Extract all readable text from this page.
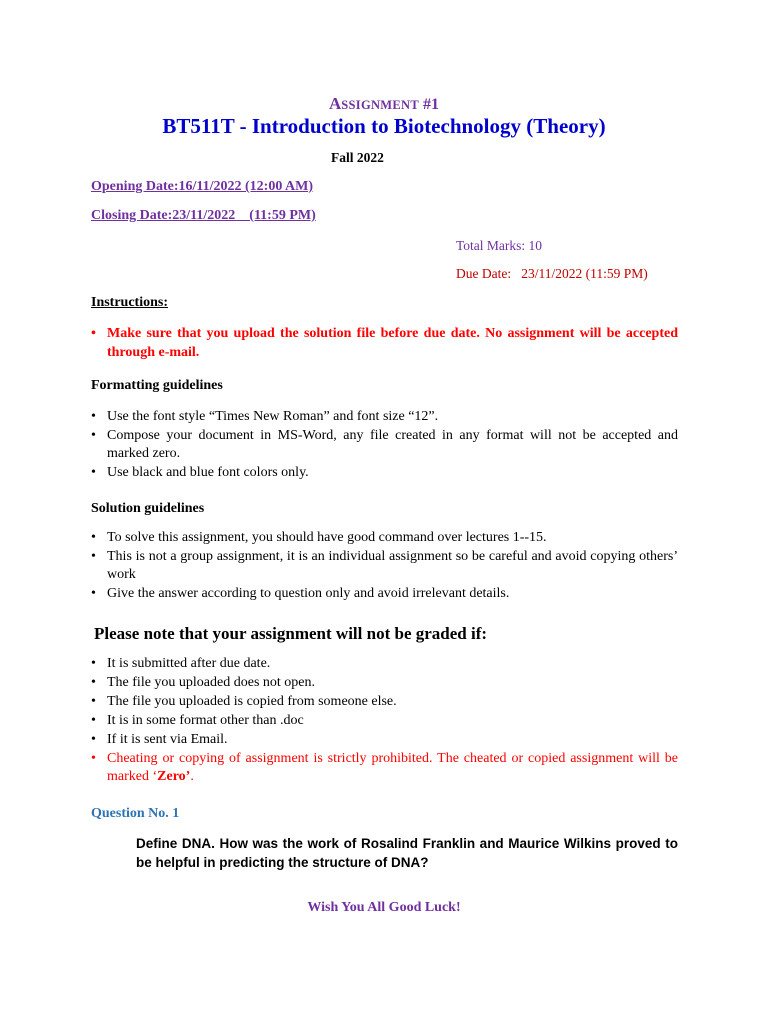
ASSIGNMENT #1
BT511T - Introduction to Biotechnology (Theory)
Fall 2022
Opening Date:16/11/2022 (12:00 AM)
Closing Date:23/11/2022    (11:59 PM)
Total Marks: 10
Due Date:   23/11/2022 (11:59 PM)
Instructions:
• Make sure that you upload the solution file before due date. No assignment will be accepted through e-mail.
Formatting guidelines
• Use the font style “Times New Roman” and font size “12”.
• Compose your document in MS-Word, any file created in any format will not be accepted and marked zero.
• Use black and blue font colors only.
Solution guidelines
• To solve this assignment, you should have good command over lectures 1--15.
• This is not a group assignment, it is an individual assignment so be careful and avoid copying others’ work
• Give the answer according to question only and avoid irrelevant details.
Please note that your assignment will not be graded if:
• It is submitted after due date.
• The file you uploaded does not open.
• The file you uploaded is copied from someone else.
• It is in some format other than .doc
• If it is sent via Email.
• Cheating or copying of assignment is strictly prohibited. The cheated or copied assignment will be marked ‘Zero’.
Question No. 1
Define DNA. How was the work of Rosalind Franklin and Maurice Wilkins proved to be helpful in predicting the structure of DNA?
Wish You All Good Luck!
